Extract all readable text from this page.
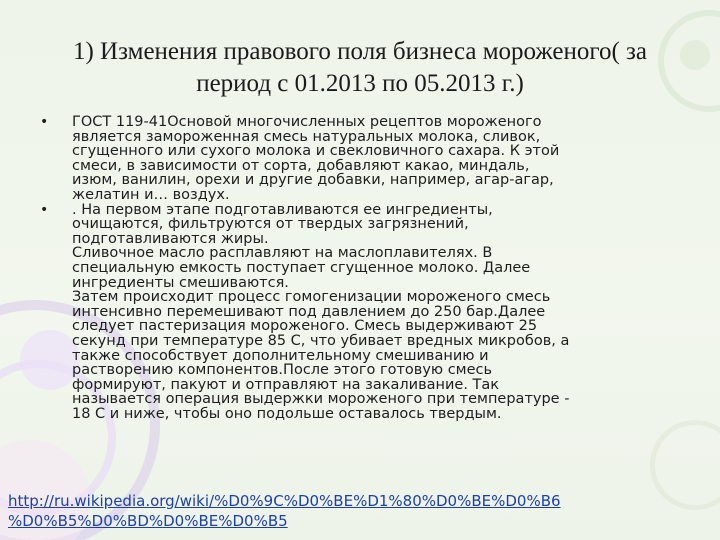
1) Изменения правового поля бизнеса мороженого( за период с 01.2013 по 05.2013 г.)
• ГОСТ 119-41Основой многочисленных рецептов мороженого
является замороженная смесь натуральных молока, сливок,
сгущенного или сухого молока и свекловичного сахара. К этой
смеси, в зависимости от сорта, добавляют какао, миндаль,
изюм, ванилин, орехи и другие добавки, например, агар-агар,
желатин и… воздух.
• . На первом этапе подготавливаются ее ингредиенты,
очищаются, фильтруются от твердых загрязнений,
подготавливаются жиры.
Сливочное масло расплавляют на маслоплавителях. В
специальную емкость поступает сгущенное молоко. Далее
ингредиенты смешиваются.
Затем происходит процесс гомогенизации мороженого смесь
интенсивно перемешивают под давлением до 250 бар.Далее
следует пастеризация мороженого. Смесь выдерживают 25
секунд при температуре 85 С, что убивает вредных микробов, а
также способствует дополнительному смешиванию и
растворению компонентов.После этого готовую смесь
формируют, пакуют и отправляют на закаливание. Так
называется операция выдержки мороженого при температуре -
18 С и ниже, чтобы оно подольше оставалось твердым.
http://ru.wikipedia.org/wiki/%D0%9C%D0%BE%D1%80%D0%BE%D0%B6
%D0%B5%D0%BD%D0%BE%D0%B5
